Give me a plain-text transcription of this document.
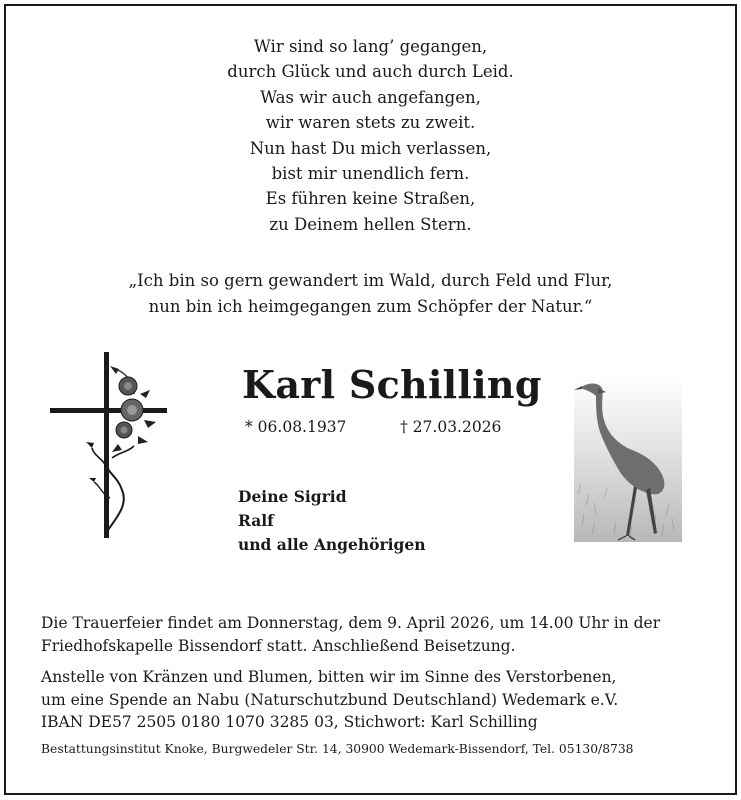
Wir sind so lang’ gegangen,
durch Glück und auch durch Leid.
Was wir auch angefangen,
wir waren stets zu zweit.
Nun hast Du mich verlassen,
bist mir unendlich fern.
Es führen keine Straßen,
zu Deinem hellen Stern.
„Ich bin so gern gewandert im Wald, durch Feld und Flur,
nun bin ich heimgegangen zum Schöpfer der Natur.“
Karl Schilling
* 06.08.1937	† 27.03.2026
Deine Sigrid
Ralf
und alle Angehörigen
Die Trauerfeier findet am Donnerstag, dem 9. April 2026, um 14.00 Uhr in der
Friedhofskapelle Bissendorf statt. Anschließend Beisetzung.
Anstelle von Kränzen und Blumen, bitten wir im Sinne des Verstorbenen,
um eine Spende an Nabu (Naturschutzbund Deutschland) Wedemark e.V.
IBAN DE57 2505 0180 1070 3285 03, Stichwort: Karl Schilling
Bestattungsinstitut Knoke, Burgwedeler Str. 14, 30900 Wedemark-Bissendorf, Tel. 05130/8738
